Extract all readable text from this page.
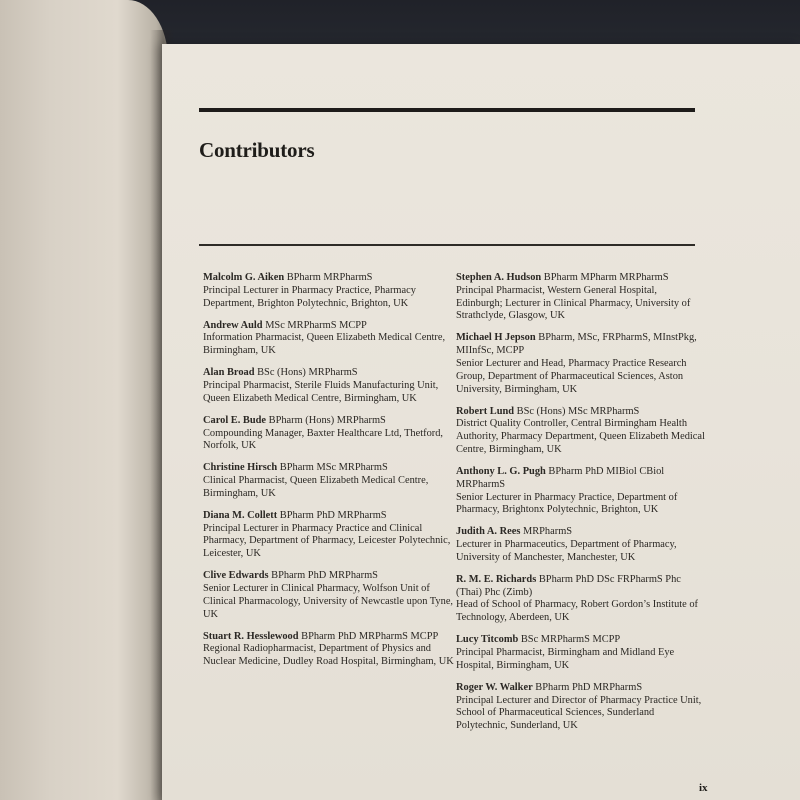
Contributors
Malcolm G. Aiken BPharm MRPharmS
Principal Lecturer in Pharmacy Practice, Pharmacy Department, Brighton Polytechnic, Brighton, UK
Andrew Auld MSc MRPharmS MCPP
Information Pharmacist, Queen Elizabeth Medical Centre, Birmingham, UK
Alan Broad BSc (Hons) MRPharmS
Principal Pharmacist, Sterile Fluids Manufacturing Unit, Queen Elizabeth Medical Centre, Birmingham, UK
Carol E. Bude BPharm (Hons) MRPharmS
Compounding Manager, Baxter Healthcare Ltd, Thetford, Norfolk, UK
Christine Hirsch BPharm MSc MRPharmS
Clinical Pharmacist, Queen Elizabeth Medical Centre, Birmingham, UK
Diana M. Collett BPharm PhD MRPharmS
Principal Lecturer in Pharmacy Practice and Clinical Pharmacy, Department of Pharmacy, Leicester Polytechnic, Leicester, UK
Clive Edwards BPharm PhD MRPharmS
Senior Lecturer in Clinical Pharmacy, Wolfson Unit of Clinical Pharmacology, University of Newcastle upon Tyne, UK
Stuart R. Hesslewood BPharm PhD MRPharmS MCPP
Regional Radiopharmacist, Department of Physics and Nuclear Medicine, Dudley Road Hospital, Birmingham, UK
Stephen A. Hudson BPharm MPharm MRPharmS
Principal Pharmacist, Western General Hospital, Edinburgh; Lecturer in Clinical Pharmacy, University of Strathclyde, Glasgow, UK
Michael H Jepson BPharm, MSc, FRPharmS, MInstPkg, MIInfSc, MCPP
Senior Lecturer and Head, Pharmacy Practice Research Group, Department of Pharmaceutical Sciences, Aston University, Birmingham, UK
Robert Lund BSc (Hons) MSc MRPharmS
District Quality Controller, Central Birmingham Health Authority, Pharmacy Department, Queen Elizabeth Medical Centre, Birmingham, UK
Anthony L. G. Pugh BPharm PhD MIBiol CBiol MRPharmS
Senior Lecturer in Pharmacy Practice, Department of Pharmacy, Brightonx Polytechnic, Brighton, UK
Judith A. Rees MRPharmS
Lecturer in Pharmaceutics, Department of Pharmacy, University of Manchester, Manchester, UK
R. M. E. Richards BPharm PhD DSc FRPharmS Phc (Thai) Phc (Zimb)
Head of School of Pharmacy, Robert Gordon’s Institute of Technology, Aberdeen, UK
Lucy Titcomb BSc MRPharmS MCPP
Principal Pharmacist, Birmingham and Midland Eye Hospital, Birmingham, UK
Roger W. Walker BPharm PhD MRPharmS
Principal Lecturer and Director of Pharmacy Practice Unit, School of Pharmaceutical Sciences, Sunderland Polytechnic, Sunderland, UK
ix
